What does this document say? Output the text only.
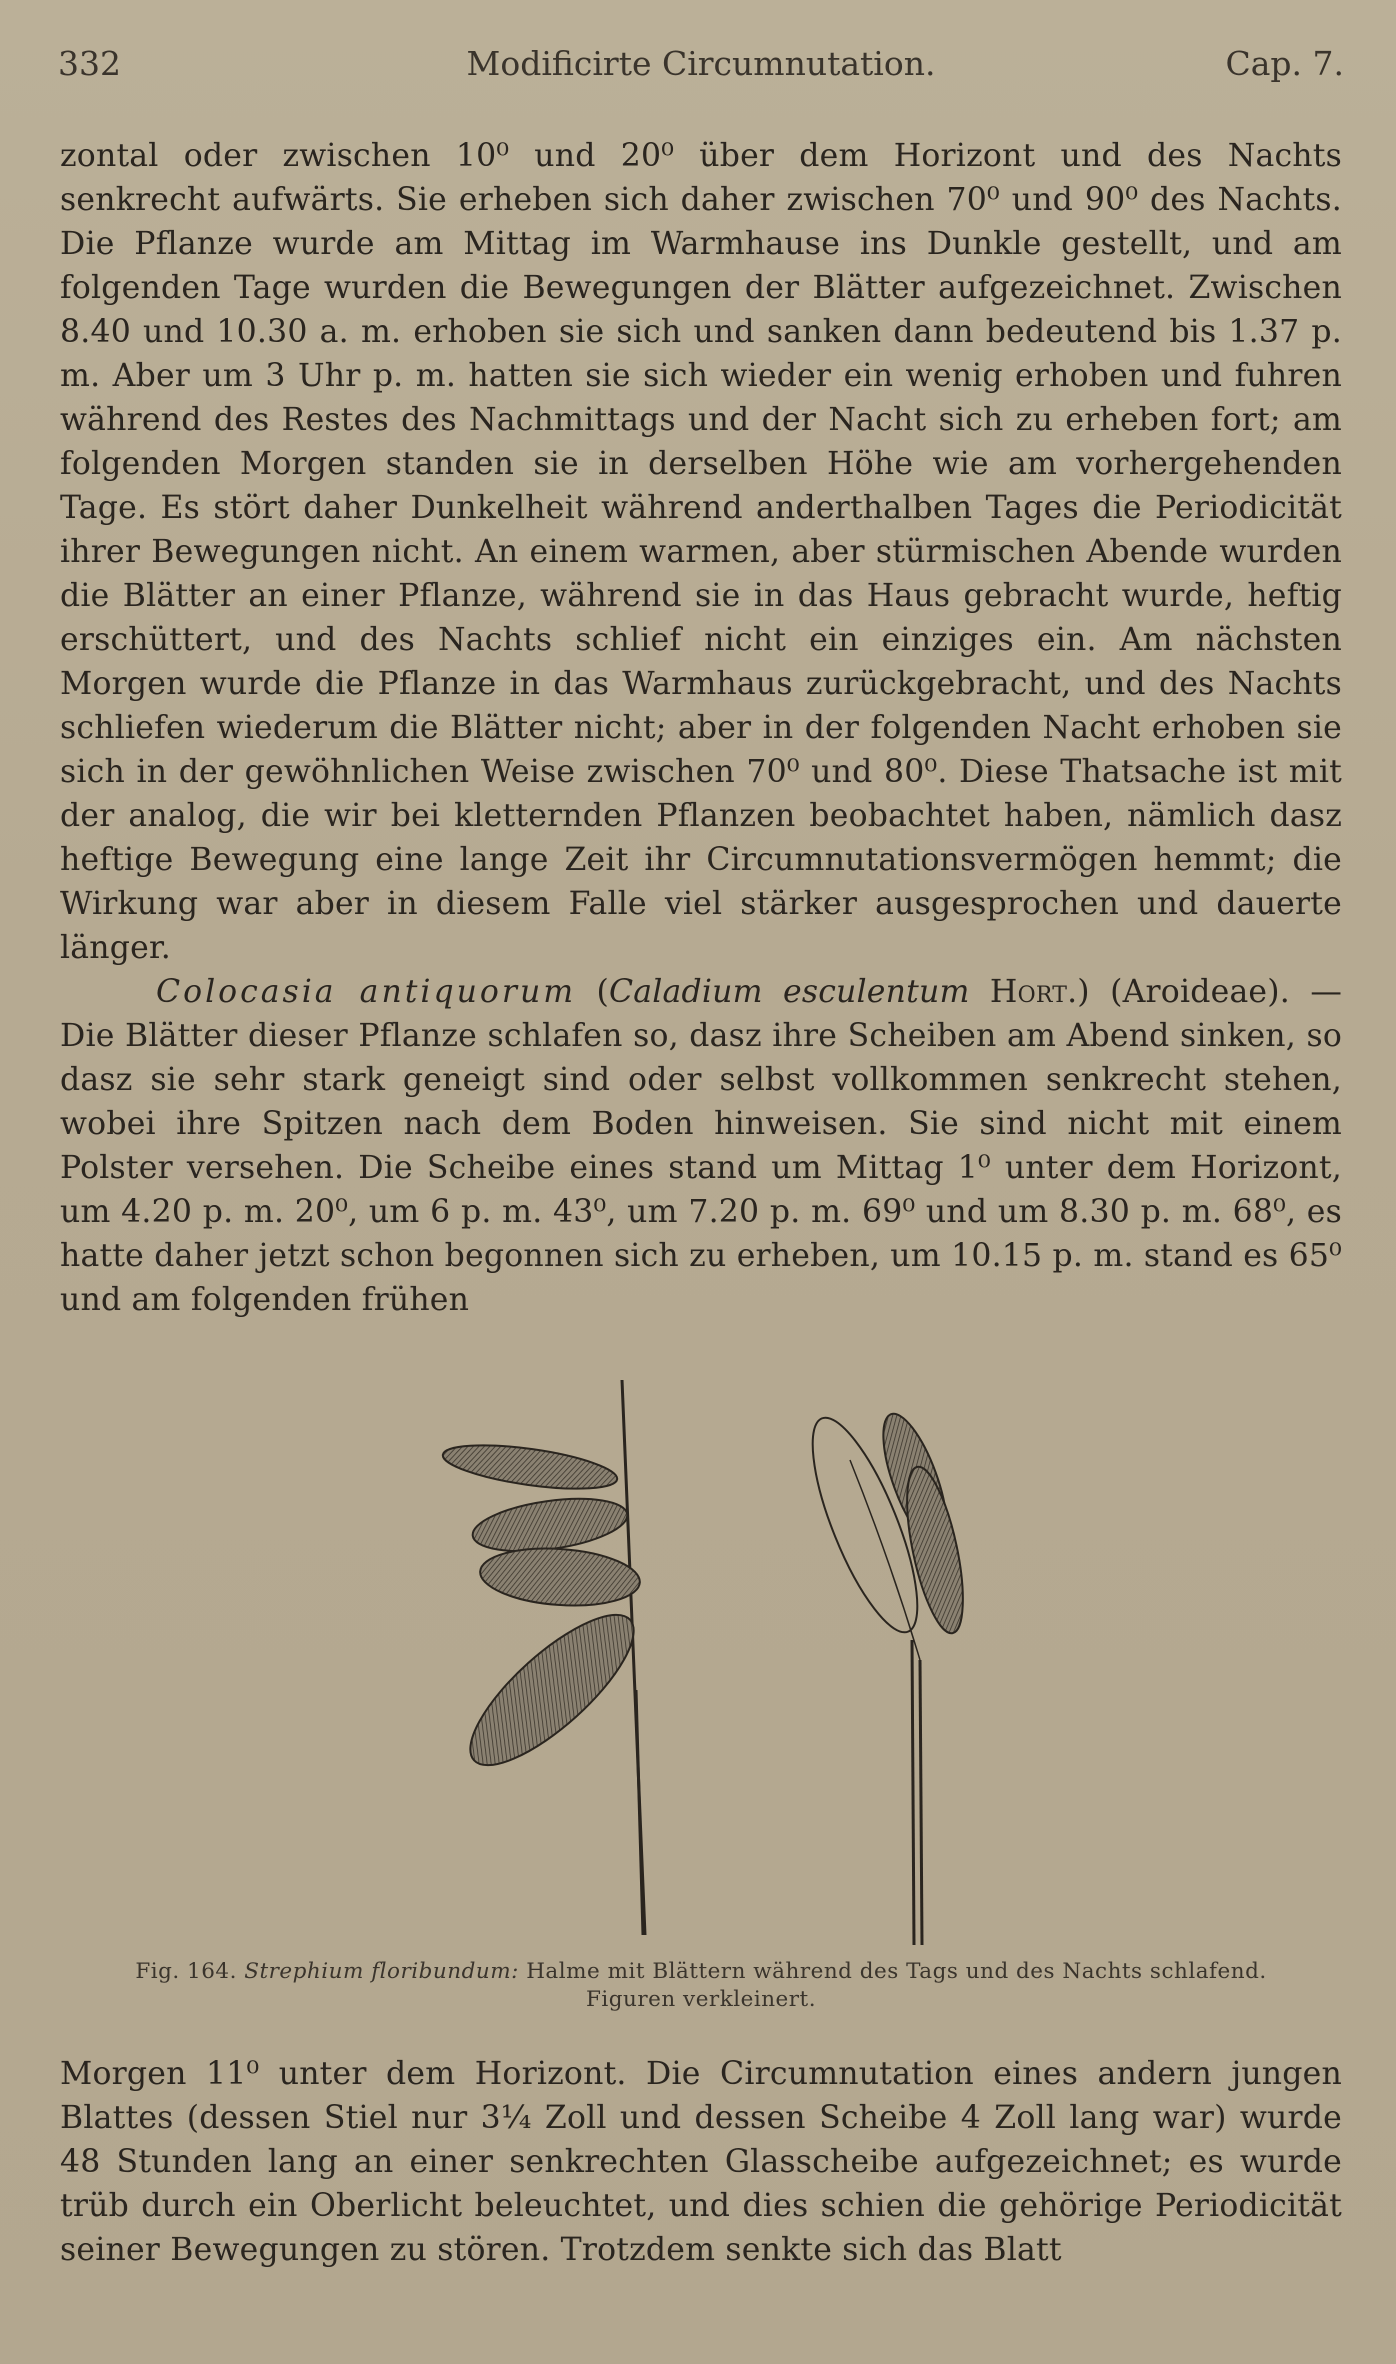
332	Modificirte Circumnutation.	Cap. 7.

zontal oder zwischen 10⁰ und 20⁰ über dem Horizont und des Nachts senkrecht aufwärts. Sie erheben sich daher zwischen 70⁰ und 90⁰ des Nachts. Die Pflanze wurde am Mittag im Warmhause ins Dunkle gestellt, und am folgenden Tage wurden die Bewegungen der Blätter aufgezeichnet. Zwischen 8.40 und 10.30 a. m. erhoben sie sich und sanken dann bedeutend bis 1.37 p. m. Aber um 3 Uhr p. m. hatten sie sich wieder ein wenig erhoben und fuhren während des Restes des Nachmittags und der Nacht sich zu erheben fort; am folgenden Morgen standen sie in derselben Höhe wie am vorhergehenden Tage. Es stört daher Dunkelheit während anderthalben Tages die Periodicität ihrer Bewegungen nicht. An einem warmen, aber stürmischen Abende wurden die Blätter an einer Pflanze, während sie in das Haus gebracht wurde, heftig erschüttert, und des Nachts schlief nicht ein einziges ein. Am nächsten Morgen wurde die Pflanze in das Warmhaus zurückgebracht, und des Nachts schliefen wiederum die Blätter nicht; aber in der folgenden Nacht erhoben sie sich in der gewöhnlichen Weise zwischen 70⁰ und 80⁰. Diese Thatsache ist mit der analog, die wir bei kletternden Pflanzen beobachtet haben, nämlich dasz heftige Bewegung eine lange Zeit ihr Circumnutationsvermögen hemmt; die Wirkung war aber in diesem Falle viel stärker ausgesprochen und dauerte länger.

Colocasia antiquorum (Caladium esculentum Hort.) (Aroideae). — Die Blätter dieser Pflanze schlafen so, dasz ihre Scheiben am Abend sinken, so dasz sie sehr stark geneigt sind oder selbst vollkommen senkrecht stehen, wobei ihre Spitzen nach dem Boden hinweisen. Sie sind nicht mit einem Polster versehen. Die Scheibe eines stand um Mittag 1⁰ unter dem Horizont, um 4.20 p. m. 20⁰, um 6 p. m. 43⁰, um 7.20 p. m. 69⁰ und um 8.30 p. m. 68⁰, es hatte daher jetzt schon begonnen sich zu erheben, um 10.15 p. m. stand es 65⁰ und am folgenden frühen

Fig. 164. Strephium floribundum: Halme mit Blättern während des Tags und des Nachts schlafend.
Figuren verkleinert.

Morgen 11⁰ unter dem Horizont. Die Circumnutation eines andern jungen Blattes (dessen Stiel nur 3¼ Zoll und dessen Scheibe 4 Zoll lang war) wurde 48 Stunden lang an einer senkrechten Glasscheibe aufgezeichnet; es wurde trüb durch ein Oberlicht beleuchtet, und dies schien die gehörige Periodicität seiner Bewegungen zu stören. Trotzdem senkte sich das Blatt
